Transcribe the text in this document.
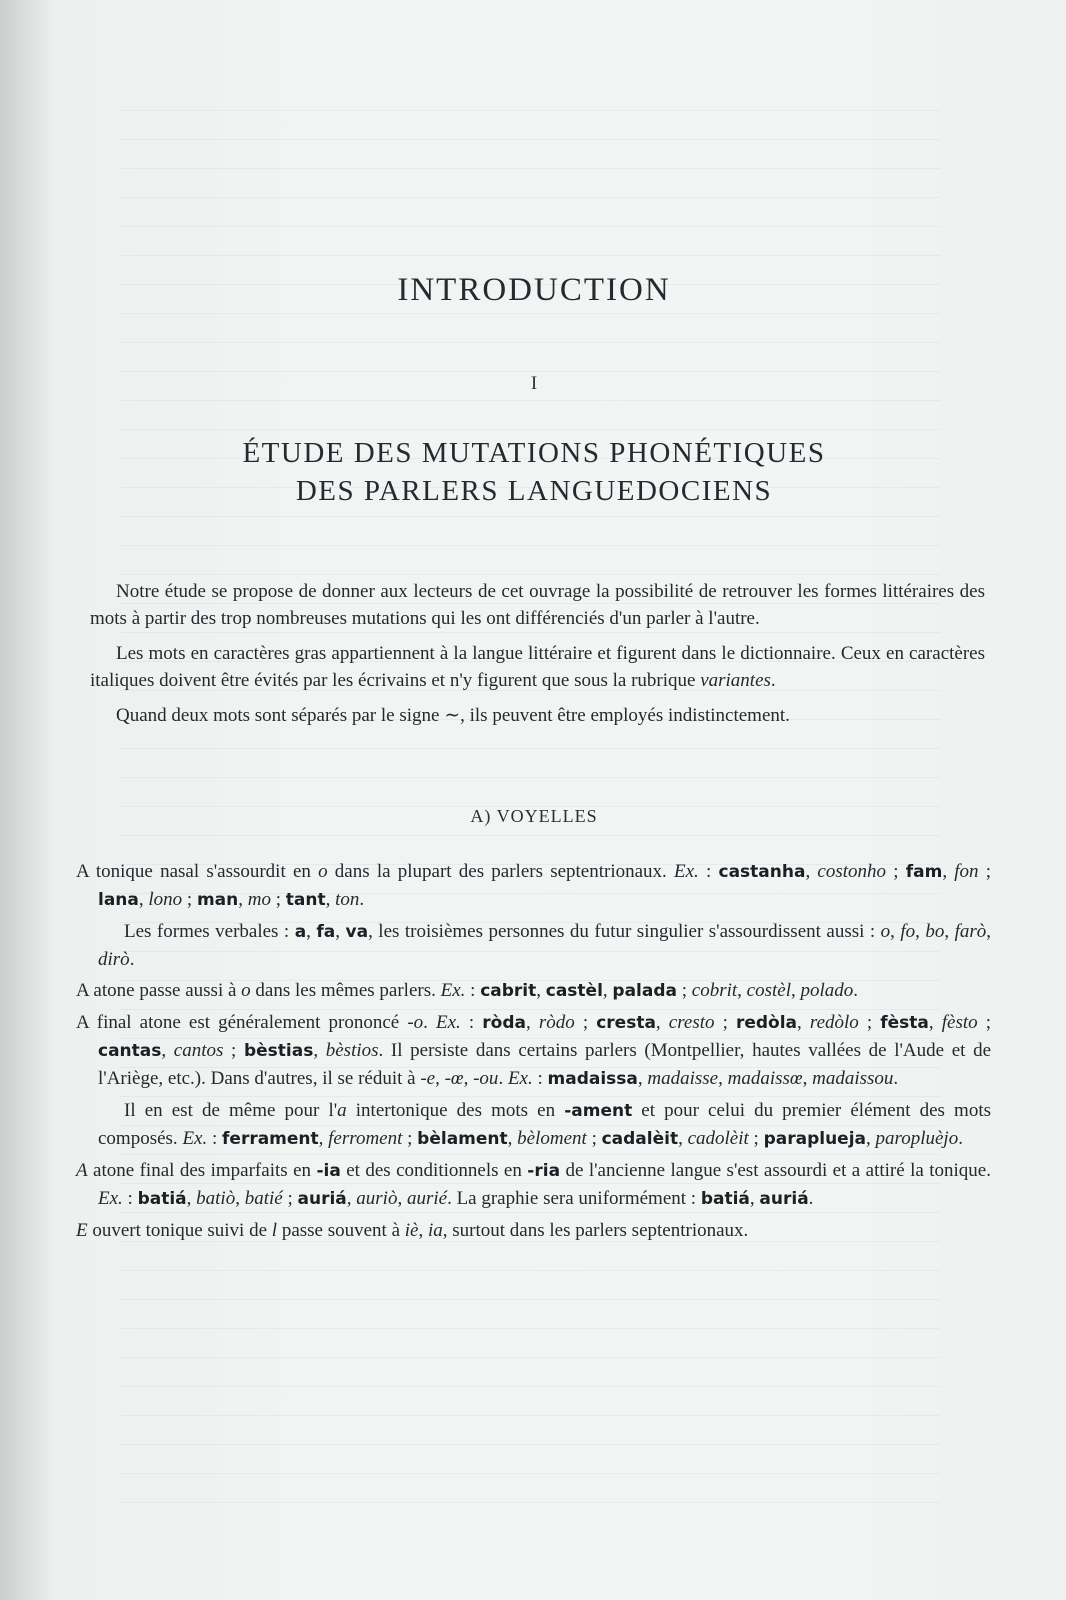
INTRODUCTION
I
ÉTUDE DES MUTATIONS PHONÉTIQUES
DES PARLERS LANGUEDOCIENS

Notre étude se propose de donner aux lecteurs de cet ouvrage la possibilité de retrouver les formes littéraires des mots à partir des trop nombreuses mutations qui les ont différenciés d'un parler à l'autre.

Les mots en caractères gras appartiennent à la langue littéraire et figurent dans le dictionnaire. Ceux en caractères italiques doivent être évités par les écrivains et n'y figurent que sous la rubrique variantes.

Quand deux mots sont séparés par le signe ∼, ils peuvent être employés indistinctement.

A) VOYELLES

A tonique nasal s'assourdit en o dans la plupart des parlers septentrionaux. Ex. : castanha, costonho ; fam, fon ; lana, lono ; man, mo ; tant, ton.

Les formes verbales : a, fa, va, les troisièmes personnes du futur singulier s'assourdissent aussi : o, fo, bo, farò, dirò.

A atone passe aussi à o dans les mêmes parlers. Ex. : cabrit, castèl, palada ; cobrit, costèl, polado.

A final atone est généralement prononcé -o. Ex. : ròda, ròdo ; cresta, cresto ; redòla, redòlo ; fèsta, fèsto ; cantas, cantos ; bèstias, bèstios. Il persiste dans certains parlers (Montpellier, hautes vallées de l'Aude et de l'Ariège, etc.). Dans d'autres, il se réduit à -e, -œ, -ou. Ex. : madaissa, madaisse, madaissœ, madaissou.

Il en est de même pour l'a intertonique des mots en -ament et pour celui du premier élément des mots composés. Ex. : ferrament, ferroment ; bèlament, bèloment ; cadalèit, cadolèit ; paraplueja, paropluèjo.

A atone final des imparfaits en -ia et des conditionnels en -ria de l'ancienne langue s'est assourdi et a attiré la tonique. Ex. : batiá, batiò, batié ; auriá, auriò, aurié. La graphie sera uniformément : batiá, auriá.

E ouvert tonique suivi de l passe souvent à iè, ia, surtout dans les parlers septentrionaux.
